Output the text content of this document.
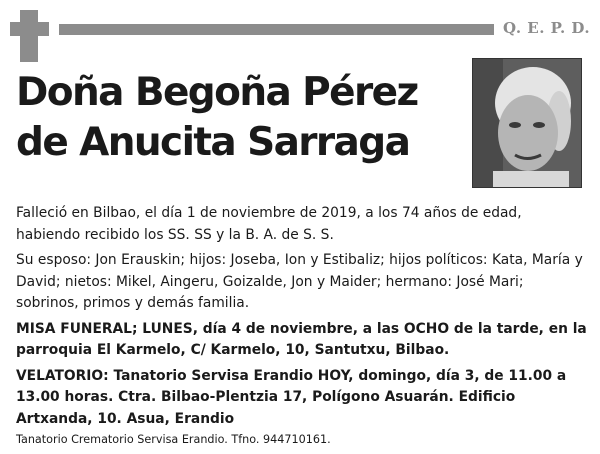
Q. E. P. D.
Doña Begoña Pérez
de Anucita Sarraga

Falleció en Bilbao, el día 1 de noviembre de 2019, a los 74 años de edad, habiendo recibido los SS. SS y la B. A. de S. S.

Su esposo: Jon Erauskin; hijos: Joseba, Ion y Estibaliz; hijos políticos: Kata, María y David; nietos: Mikel, Aingeru, Goizalde, Jon y Maider; hermano: José Mari; sobrinos, primos y demás familia.

MISA FUNERAL; LUNES, día 4 de noviembre, a las OCHO de la tarde, en la parroquia El Karmelo, C/ Karmelo, 10, Santutxu, Bilbao.

VELATORIO: Tanatorio Servisa Erandio HOY, domingo, día 3, de 11.00 a 13.00 horas. Ctra. Bilbao-Plentzia 17, Polígono Asuarán. Edificio Artxanda, 10. Asua, Erandio

Tanatorio Crematorio Servisa Erandio. Tfno. 944710161.
